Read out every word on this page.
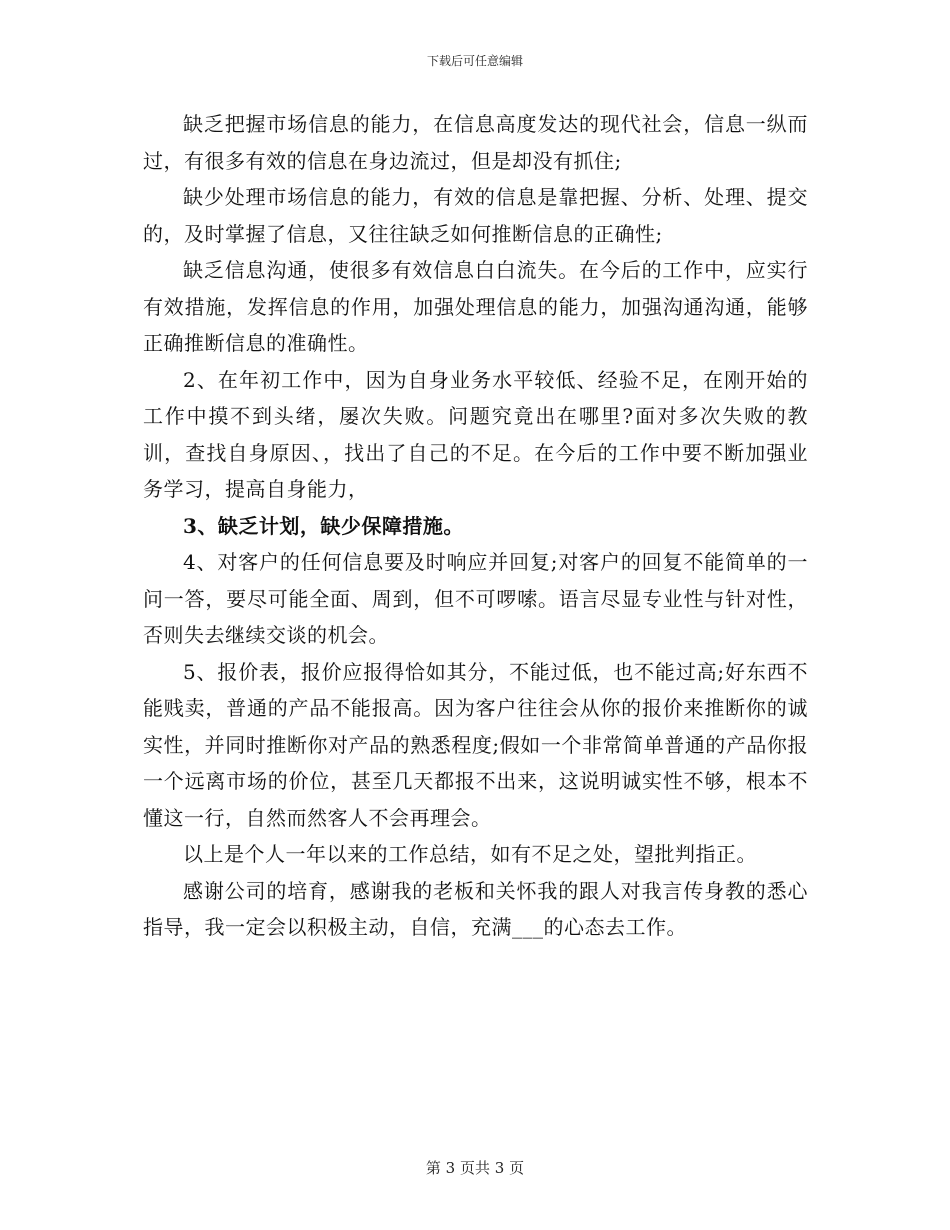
下载后可任意编辑

缺乏把握市场信息的能力，在信息高度发达的现代社会，信息一纵而过，有很多有效的信息在身边流过，但是却没有抓住;

缺少处理市场信息的能力，有效的信息是靠把握、分析、处理、提交的，及时掌握了信息，又往往缺乏如何推断信息的正确性;

缺乏信息沟通，使很多有效信息白白流失。在今后的工作中，应实行有效措施，发挥信息的作用，加强处理信息的能力，加强沟通沟通，能够正确推断信息的准确性。

2、在年初工作中，因为自身业务水平较低、经验不足，在刚开始的工作中摸不到头绪，屡次失败。问题究竟出在哪里?面对多次失败的教训，查找自身原因、，找出了自己的不足。在今后的工作中要不断加强业务学习，提高自身能力，

3、缺乏计划，缺少保障措施。

4、对客户的任何信息要及时响应并回复;对客户的回复不能简单的一问一答，要尽可能全面、周到，但不可啰嗦。语言尽显专业性与针对性，否则失去继续交谈的机会。

5、报价表，报价应报得恰如其分，不能过低，也不能过高;好东西不能贱卖，普通的产品不能报高。因为客户往往会从你的报价来推断你的诚实性，并同时推断你对产品的熟悉程度;假如一个非常简单普通的产品你报一个远离市场的价位，甚至几天都报不出来，这说明诚实性不够，根本不懂这一行，自然而然客人不会再理会。

以上是个人一年以来的工作总结，如有不足之处，望批判指正。

感谢公司的培育，感谢我的老板和关怀我的跟人对我言传身教的悉心指导，我一定会以积极主动，自信，充满___的心态去工作。

第 3 页共 3 页
